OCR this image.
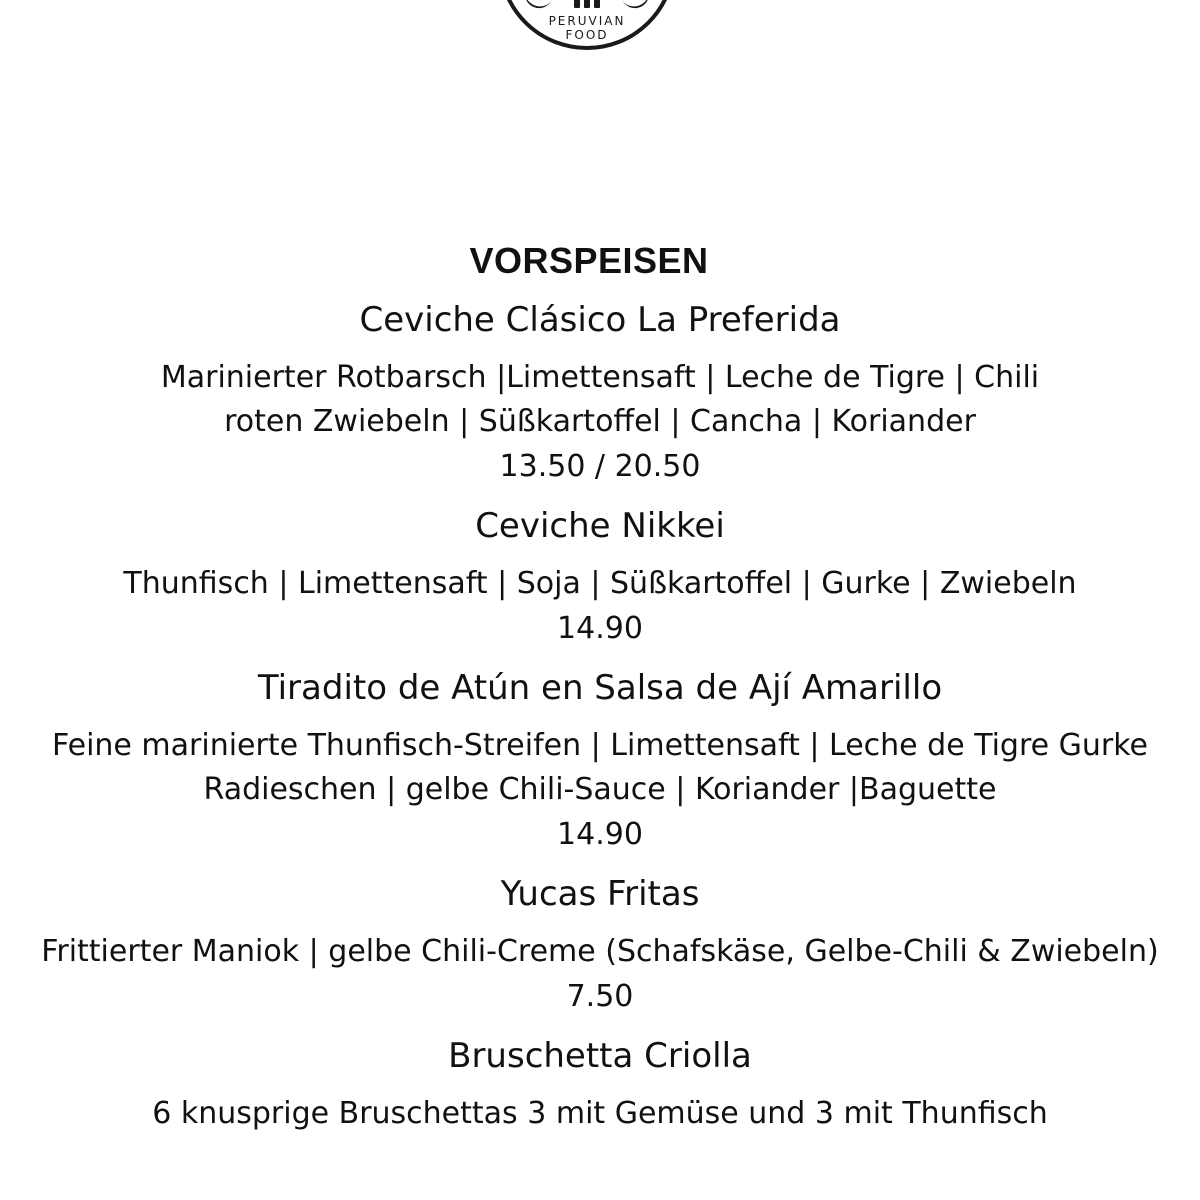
PERUVIAN
FOOD
VORSPEISEN
Ceviche Clásico La Preferida
Marinierter Rotbarsch |Limettensaft | Leche de Tigre | Chili
roten Zwiebeln | Süßkartoffel | Cancha | Koriander
13.50 / 20.50
Ceviche Nikkei
Thunfisch | Limettensaft | Soja | Süßkartoffel | Gurke | Zwiebeln
14.90
Tiradito de Atún en Salsa de Ají Amarillo
Feine marinierte Thunfisch-Streifen | Limettensaft | Leche de Tigre Gurke
Radieschen | gelbe Chili-Sauce | Koriander |Baguette
14.90
Yucas Fritas
Frittierter Maniok | gelbe Chili-Creme (Schafskäse, Gelbe-Chili & Zwiebeln)
7.50
Bruschetta Criolla
6 knusprige Bruschettas 3 mit Gemüse und 3 mit Thunfisch
